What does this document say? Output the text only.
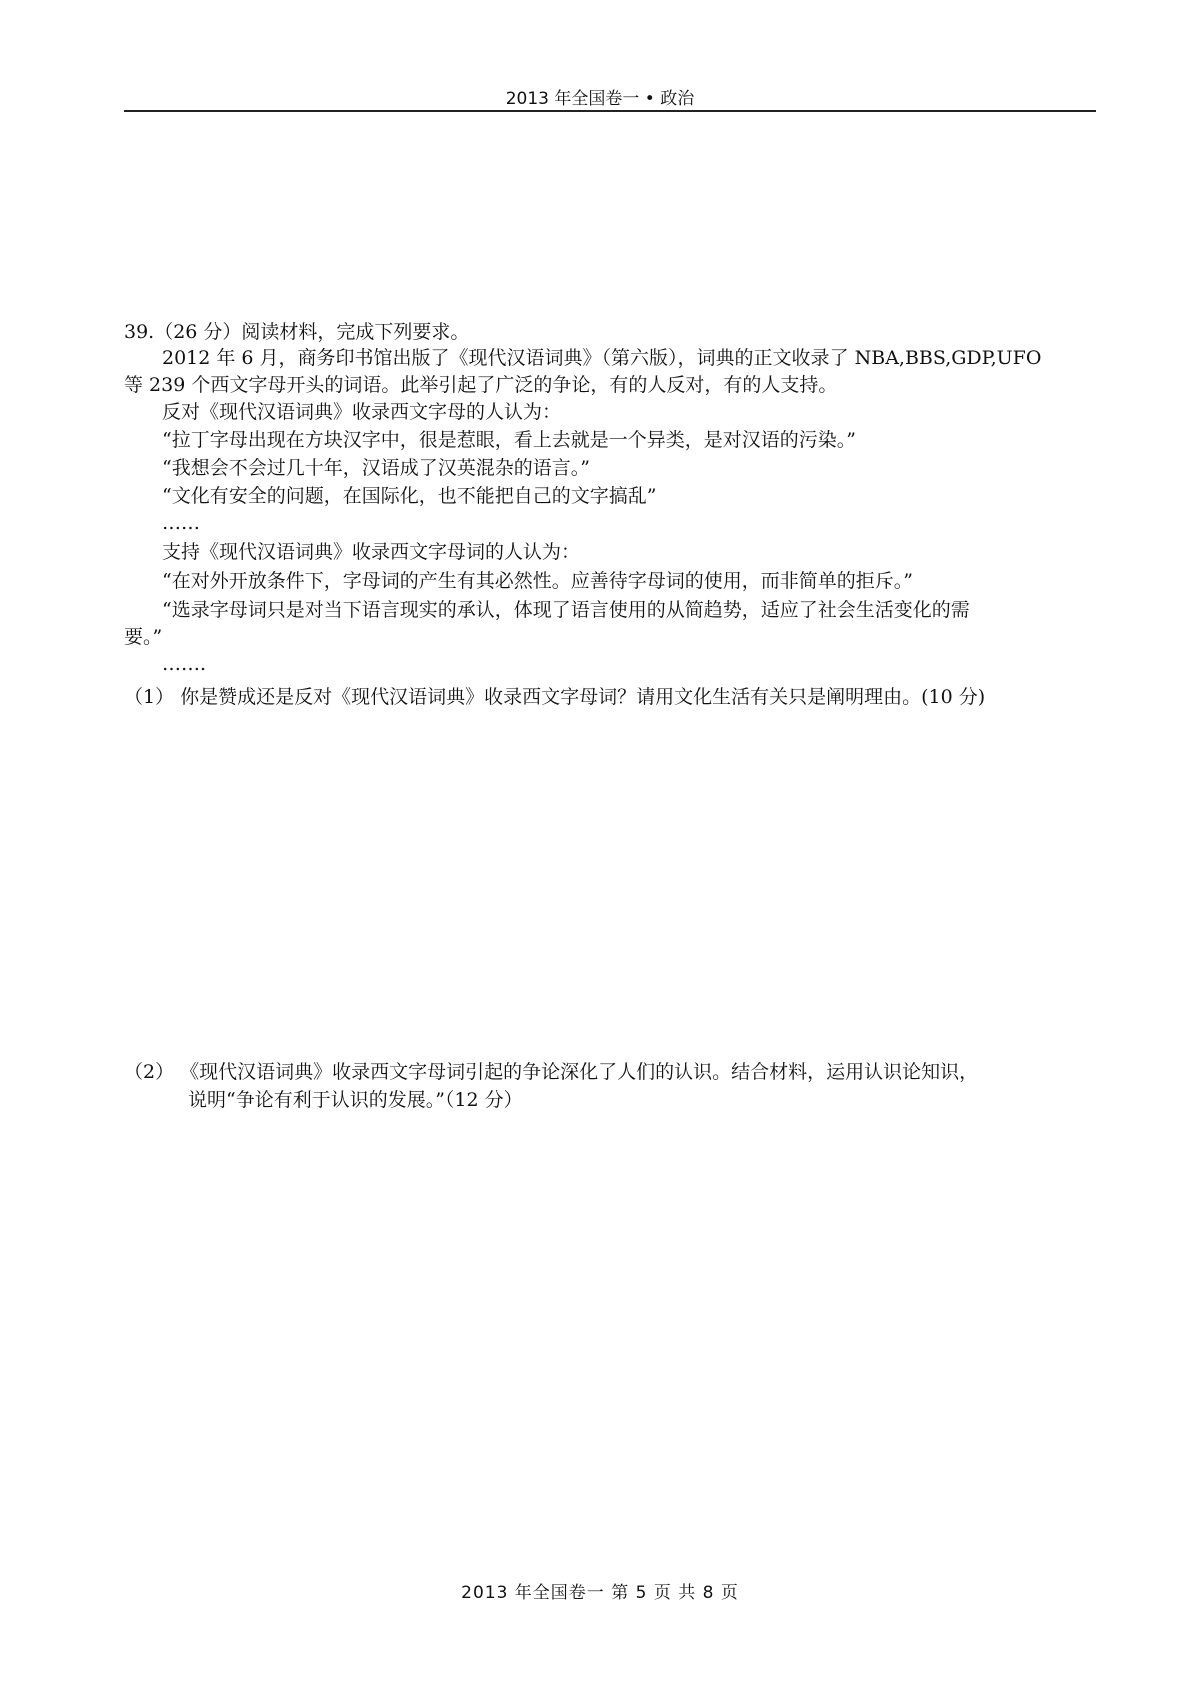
2013 年全国卷一 • 政治
39.（26 分）阅读材料，完成下列要求。
2012 年 6 月，商务印书馆出版了《现代汉语词典》（第六版），词典的正文收录了 NBA,BBS,GDP,UFO
等 239 个西文字母开头的词语。此举引起了广泛的争论，有的人反对，有的人支持。
反对《现代汉语词典》收录西文字母的人认为：
“拉丁字母出现在方块汉字中，很是惹眼，看上去就是一个异类，是对汉语的污染。”
“我想会不会过几十年，汉语成了汉英混杂的语言。”
“文化有安全的问题，在国际化，也不能把自己的文字搞乱”
……
支持《现代汉语词典》收录西文字母词的人认为：
“在对外开放条件下，字母词的产生有其必然性。应善待字母词的使用，而非简单的拒斥。”
“选录字母词只是对当下语言现实的承认，体现了语言使用的从简趋势，适应了社会生活变化的需
要。”
…….
（1） 你是赞成还是反对《现代汉语词典》收录西文字母词？请用文化生活有关只是阐明理由。(10 分)
（2） 《现代汉语词典》收录西文字母词引起的争论深化了人们的认识。结合材料，运用认识论知识，
说明“争论有利于认识的发展。”（12 分）
2013 年全国卷一 第 5 页 共 8 页
